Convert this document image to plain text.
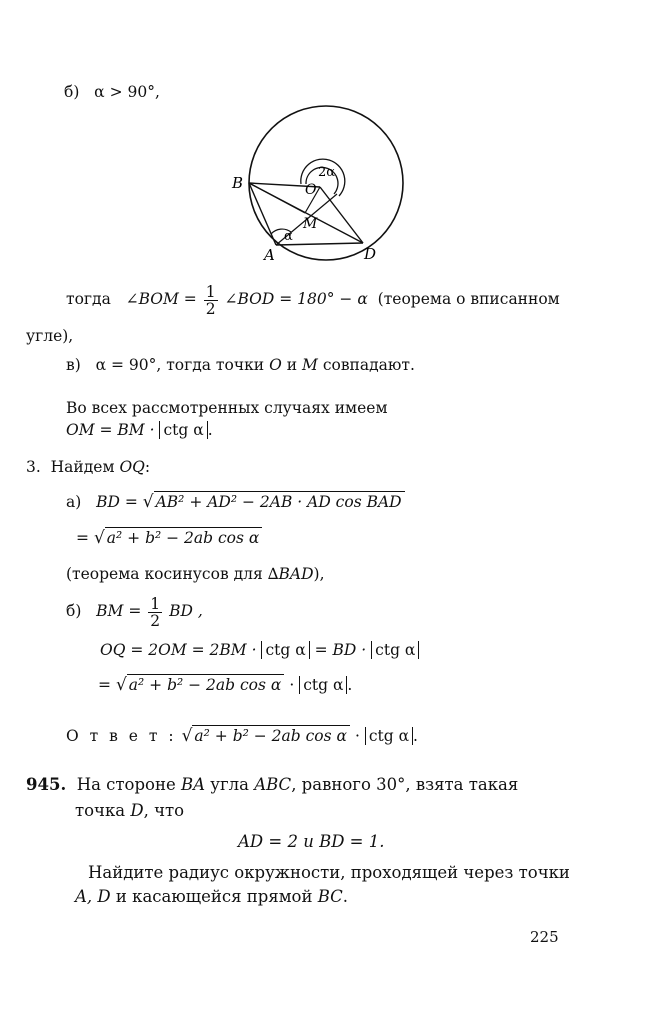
б) α > 90°,
B	O
M
A	D
2α
α
тогда ∠BOM = $\frac{1}{2}$ ∠BOD = 180° − α (теорема о вписанном
угле),
в) α = 90°, тогда точки O и M совпадают.
Во всех рассмотренных случаях имеем
OM = BM · ctg α .
3. Найдем OQ:
а) BD = √ AB² + AD² − 2AB · AD cos BAD
= √ a² + b² − 2ab cos α
(теорема косинусов для ∆BAD),
б) BM = $\frac{1}{2}$ BD ,
OQ = 2OM = 2BM · ctg α = BD · ctg α
= √ a² + b² − 2ab cos α · ctg α .
О т в е т : √ a² + b² − 2ab cos α · ctg α .
945. На стороне BA угла ABC, равного 30°, взята такая
точка D, что
AD = 2 и BD = 1.
Найдите радиус окружности, проходящей через точки
A, D и касающейся прямой BC.
225
